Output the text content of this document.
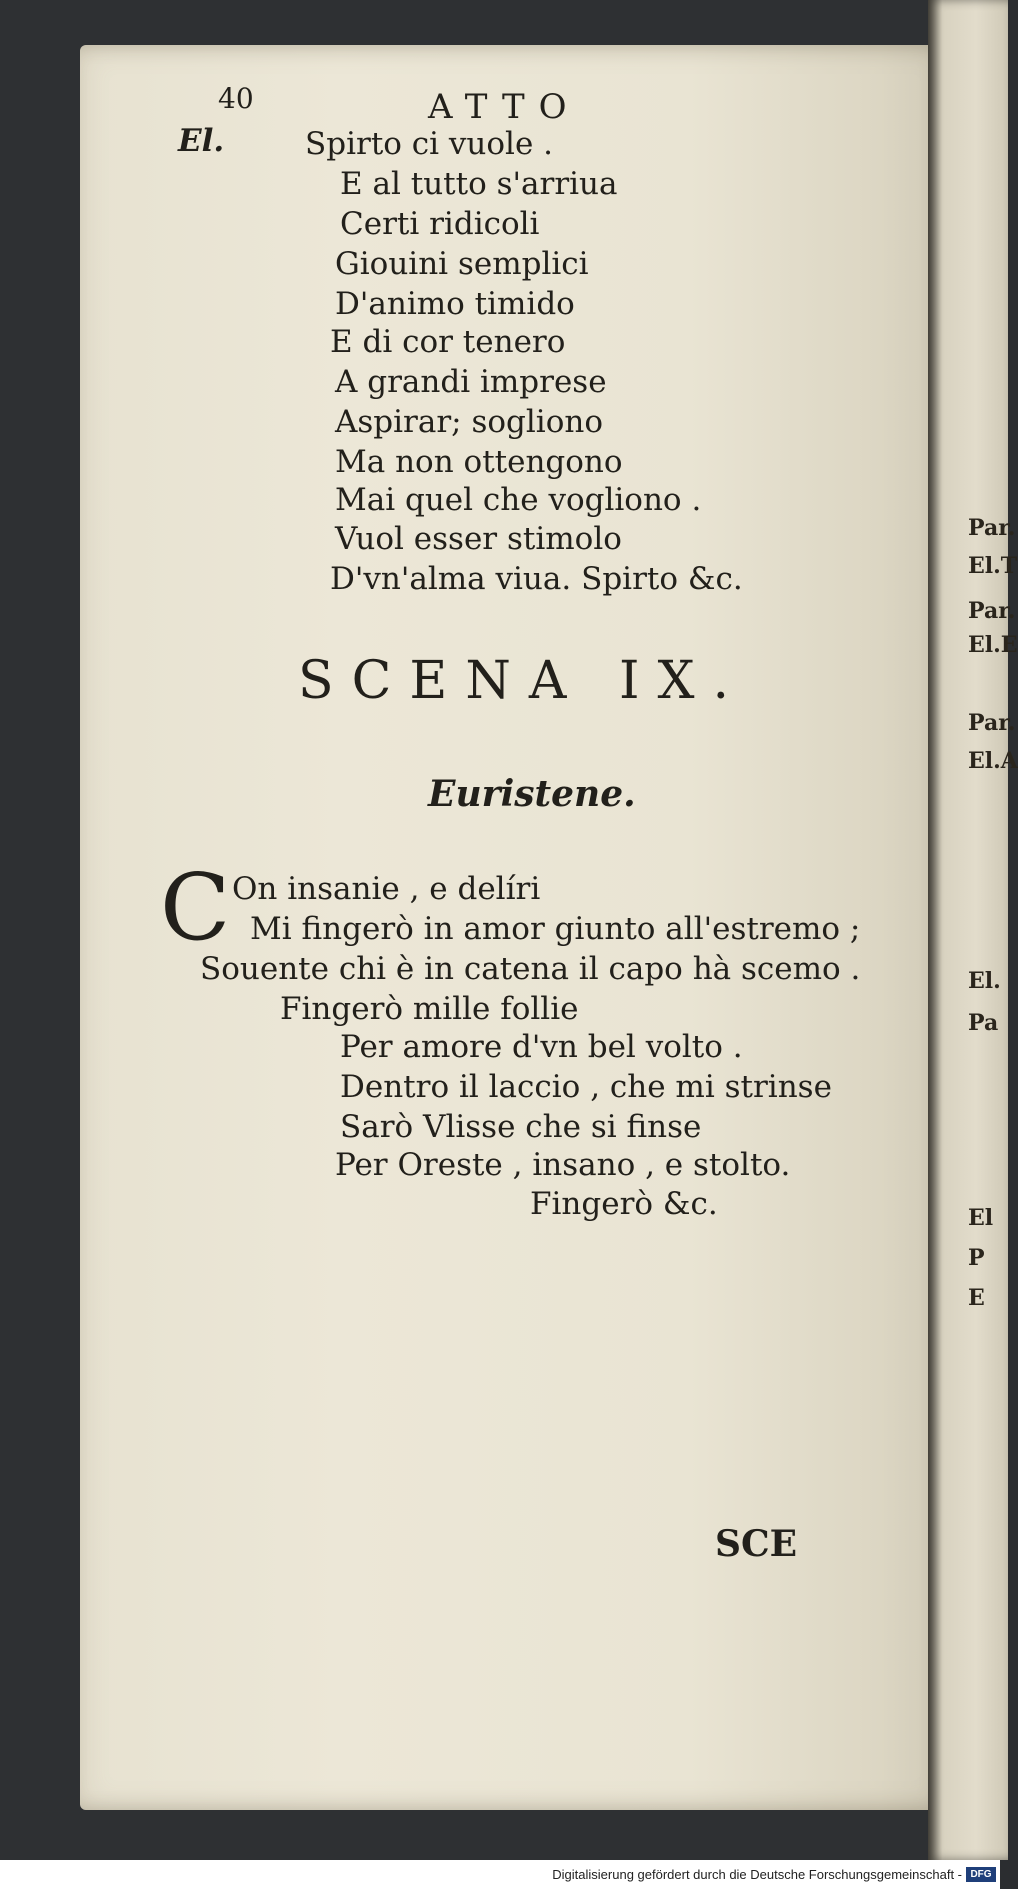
Par.
El.T
Par.
El.E
Par.
El.A
El.
Pa
El
P
E
40	ATTO
El.	Spirto ci vuole .
E al tutto s'arriua
Certi ridicoli
Giouini semplici
D'animo timido
E di cor tenero
A grandi imprese
Aspirar; sogliono
Ma non ottengono
Mai quel che vogliono .
Vuol esser stimolo
D'vn'alma viua. Spirto &c.
SCENA IX.
Euristene.
C On insanie , e delíri
Mi fingerò in amor giunto all'estremo ;
Souente chi è in catena il capo hà scemo .
Fingerò mille follie
Per amore d'vn bel volto .
Dentro il laccio , che mi strinse
Sarò Vlisse che si finse
Per Oreste , insano , e stolto.
Fingerò &c.
SCE
Digitalisierung gefördert durch die Deutsche Forschungsgemeinschaft - DFG
